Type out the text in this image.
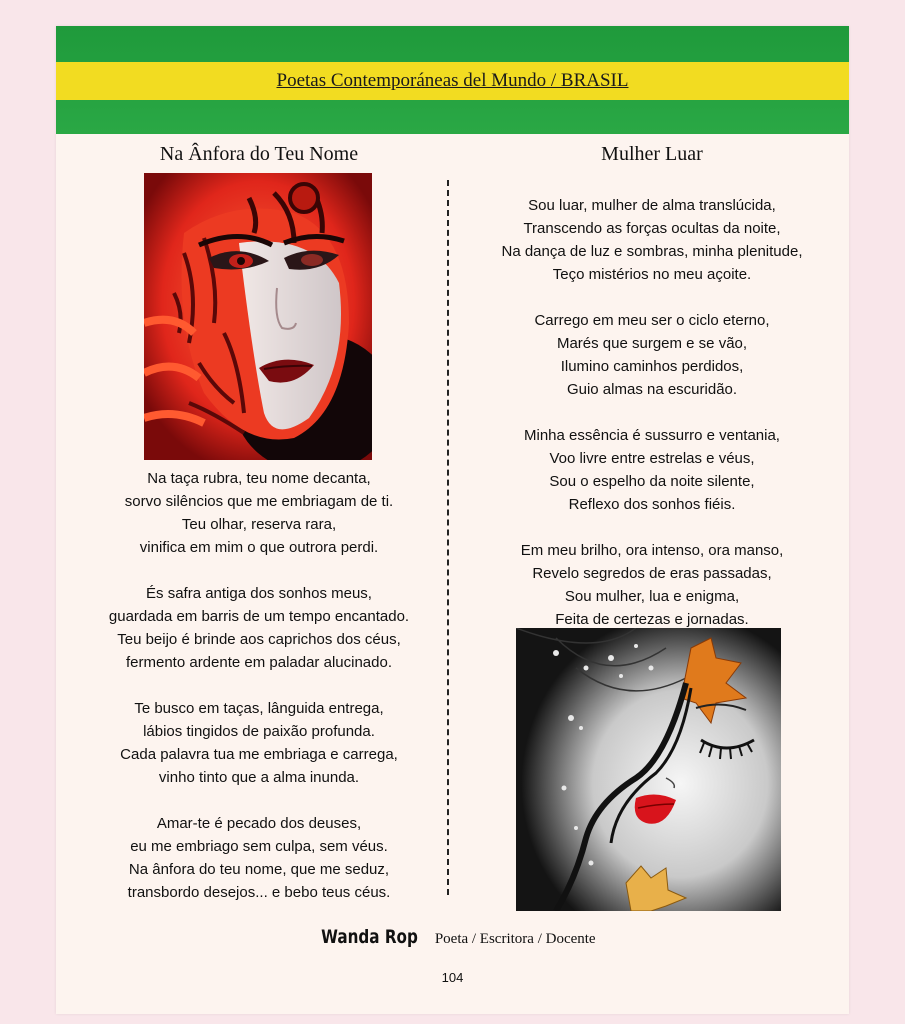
Poetas Contemporáneas del Mundo / BRASIL
Na Ânfora do Teu Nome
Na taça rubra, teu nome decanta,
sorvo silêncios que me embriagam de ti.
Teu olhar, reserva rara,
vinifica em mim o que outrora perdi.
És safra antiga dos sonhos meus,
guardada em barris de um tempo encantado.
Teu beijo é brinde aos caprichos dos céus,
fermento ardente em paladar alucinado.
Te busco em taças, lânguida entrega,
lábios tingidos de paixão profunda.
Cada palavra tua me embriaga e carrega,
vinho tinto que a alma inunda.
Amar-te é pecado dos deuses,
eu me embriago sem culpa, sem véus.
Na ânfora do teu nome, que me seduz,
transbordo desejos... e bebo teus céus.
Mulher Luar
Sou luar, mulher de alma translúcida,
Transcendo as forças ocultas da noite,
Na dança de luz e sombras, minha plenitude,
Teço mistérios no meu açoite.
Carrego em meu ser o ciclo eterno,
Marés que surgem e se vão,
Ilumino caminhos perdidos,
Guio almas na escuridão.
Minha essência é sussurro e ventania,
Voo livre entre estrelas e véus,
Sou o espelho da noite silente,
Reflexo dos sonhos fiéis.
Em meu brilho, ora intenso, ora manso,
Revelo segredos de eras passadas,
Sou mulher, lua e enigma,
Feita de certezas e jornadas.
Wanda Rop Poeta / Escritora / Docente
104
